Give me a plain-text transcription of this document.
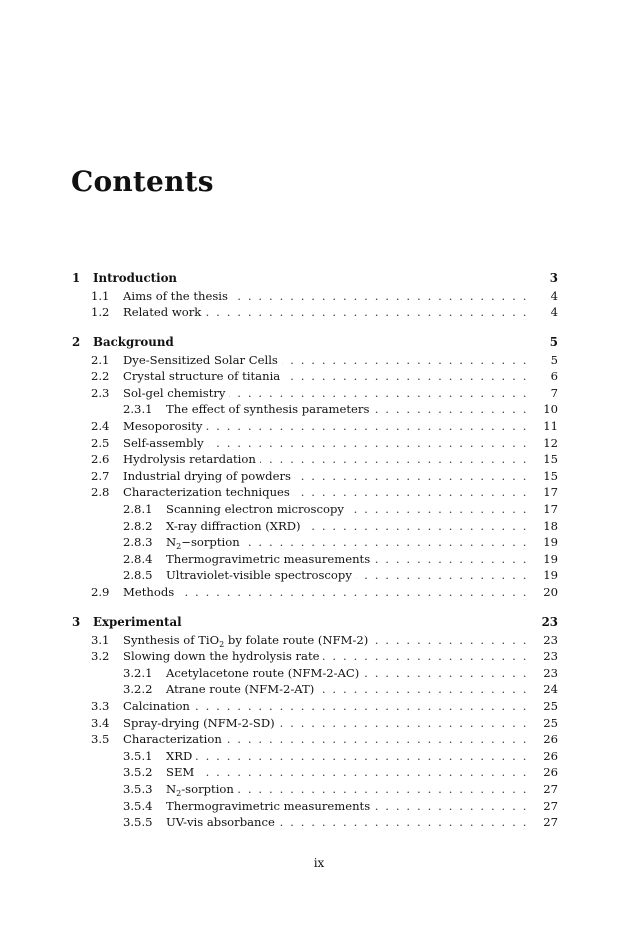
Contents
1	Introduction	3
1.1	Aims of the thesis . . .	4
1.2	Related work . . .	4
2	Background	5
2.1	Dye-Sensitized Solar Cells . . .	5
2.2	Crystal structure of titania . . .	6
2.3	Sol-gel chemistry . . .	7
2.3.1	The effect of synthesis parameters . . .	10
2.4	Mesoporosity . . .	11
2.5	Self-assembly . . .	12
2.6	Hydrolysis retardation . . .	15
2.7	Industrial drying of powders . . .	15
2.8	Characterization techniques . . .	17
2.8.1	Scanning electron microscopy . . .	17
2.8.2	X-ray diffraction (XRD) . . .	18
2.8.3	$N_2-sorption$ . . .	19
2.8.4	Thermogravimetric measurements . . .	19
2.8.5	Ultraviolet-visible spectroscopy . . .	19
2.9	Methods . . .	20
3	Experimental	23
3.1	Synthesis of TiO$_2$ by folate route (NFM-2) . . .	23
3.2	Slowing down the hydrolysis rate . . .	23
3.2.1	Acetylacetone route (NFM-2-AC) . . .	23
3.2.2	Atrane route (NFM-2-AT) . . .	24
3.3	Calcination . . .	25
3.4	Spray-drying (NFM-2-SD) . . .	25
3.5	Characterization . . .	26
3.5.1	XRD . . .	26
3.5.2	SEM . . .	26
3.5.3	$N_2$-sorption . . .	27
3.5.4	Thermogravimetric measurements . . .	27
3.5.5	UV-vis absorbance . . .	27
ix
